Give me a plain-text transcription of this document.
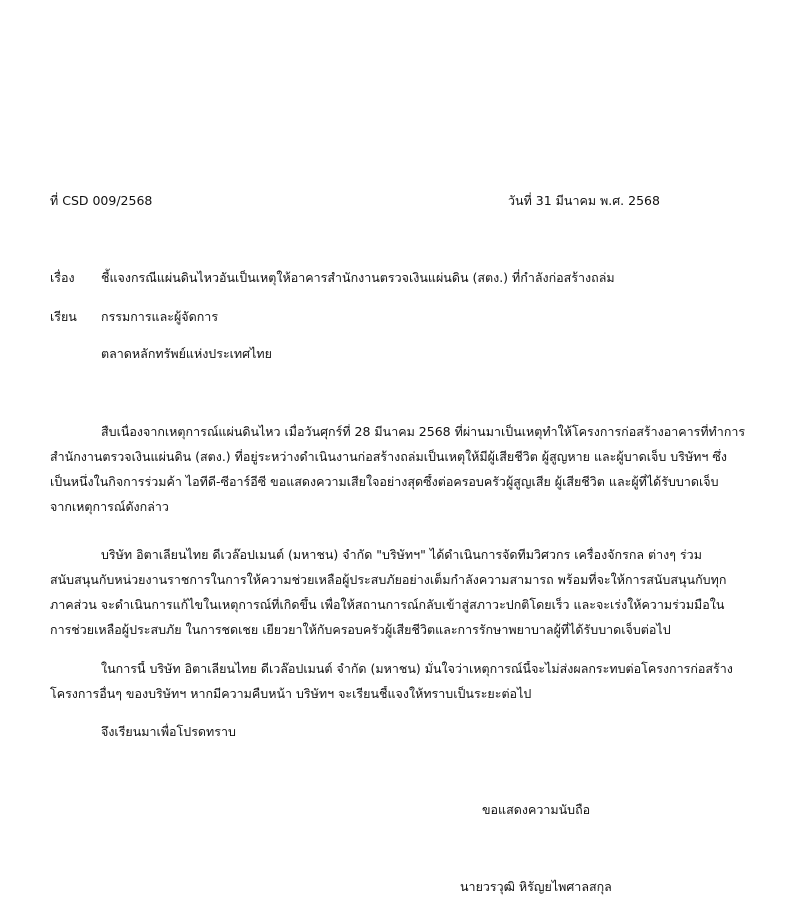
ที่ CSD 009/2568	วันที่ 31 มีนาคม พ.ศ. 2568
เรื่อง ชี้แจงกรณีแผ่นดินไหวอันเป็นเหตุให้อาคารสำนักงานตรวจเงินแผ่นดิน (สตง.) ที่กำลังก่อสร้างถล่ม
เรียน กรรมการและผู้จัดการ
ตลาดหลักทรัพย์แห่งประเทศไทย
สืบเนื่องจากเหตุการณ์แผ่นดินไหว เมื่อวันศุกร์ที่ 28 มีนาคม 2568 ที่ผ่านมาเป็นเหตุทำให้โครงการก่อสร้างอาคารที่ทำการ
สำนักงานตรวจเงินแผ่นดิน (สตง.) ที่อยู่ระหว่างดำเนินงานก่อสร้างถล่มเป็นเหตุให้มีผู้เสียชีวิต ผู้สูญหาย และผู้บาดเจ็บ บริษัทฯ ซึ่ง
เป็นหนึ่งในกิจการร่วมค้า ไอทีดี-ซีอาร์อีซี ขอแสดงความเสียใจอย่างสุดซึ้งต่อครอบครัวผู้สูญเสีย ผู้เสียชีวิต และผู้ที่ได้รับบาดเจ็บ
จากเหตุการณ์ดังกล่าว
บริษัท อิตาเลียนไทย ดีเวล๊อปเมนต์ (มหาชน) จำกัด "บริษัทฯ" ได้ดำเนินการจัดทีมวิศวกร เครื่องจักรกล ต่างๆ ร่วม
สนับสนุนกับหน่วยงานราชการในการให้ความช่วยเหลือผู้ประสบภัยอย่างเต็มกำลังความสามารถ พร้อมที่จะให้การสนับสนุนกับทุก
ภาคส่วน จะดำเนินการแก้ไขในเหตุการณ์ที่เกิดขึ้น เพื่อให้สถานการณ์กลับเข้าสู่สภาวะปกติโดยเร็ว และจะเร่งให้ความร่วมมือใน
การช่วยเหลือผู้ประสบภัย ในการชดเชย เยียวยาให้กับครอบครัวผู้เสียชีวิตและการรักษาพยาบาลผู้ที่ได้รับบาดเจ็บต่อไป
ในการนี้ บริษัท อิตาเลียนไทย ดีเวล๊อปเมนต์ จำกัด (มหาชน) มั่นใจว่าเหตุการณ์นี้จะไม่ส่งผลกระทบต่อโครงการก่อสร้าง
โครงการอื่นๆ ของบริษัทฯ หากมีความคืบหน้า บริษัทฯ จะเรียนชี้แจงให้ทราบเป็นระยะต่อไป
จึงเรียนมาเพื่อโปรดทราบ
ขอแสดงความนับถือ
นายวรวุฒิ หิรัญยไพศาลสกุล
